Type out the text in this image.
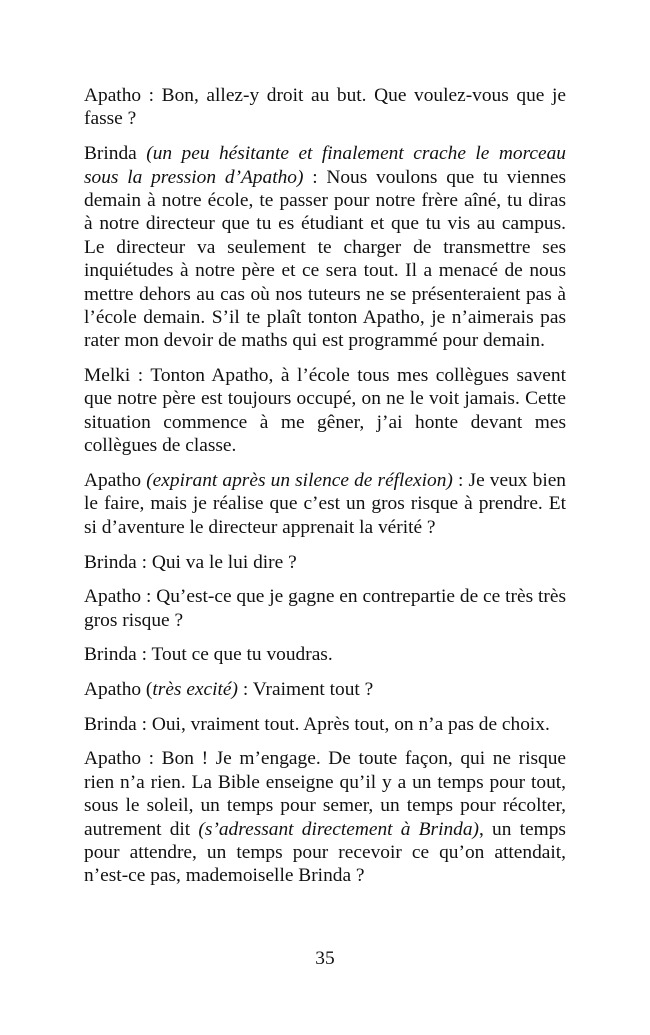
Apatho : Bon, allez-y droit au but. Que voulez-vous que je fasse ?

Brinda (un peu hésitante et finalement crache le morceau sous la pression d’Apatho) : Nous voulons que tu viennes demain à notre école, te passer pour notre frère aîné, tu diras à notre directeur que tu es étudiant et que tu vis au campus. Le directeur va seulement te charger de transmettre ses inquiétudes à notre père et ce sera tout. Il a menacé de nous mettre dehors au cas où nos tuteurs ne se présenteraient pas à l’école demain. S’il te plaît tonton Apatho, je n’aimerais pas rater mon devoir de maths qui est programmé pour demain.

Melki : Tonton Apatho, à l’école tous mes collègues savent que notre père est toujours occupé, on ne le voit jamais. Cette situation commence à me gêner, j’ai honte devant mes collègues de classe.

Apatho (expirant après un silence de réflexion) : Je veux bien le faire, mais je réalise que c’est un gros risque à prendre. Et si d’aventure le directeur apprenait la vérité ?

Brinda : Qui va le lui dire ?

Apatho : Qu’est-ce que je gagne en contrepartie de ce très très gros risque ?

Brinda : Tout ce que tu voudras.

Apatho (très excité) : Vraiment tout ?

Brinda : Oui, vraiment tout. Après tout, on n’a pas de choix.

Apatho : Bon ! Je m’engage. De toute façon, qui ne risque rien n’a rien. La Bible enseigne qu’il y a un temps pour tout, sous le soleil, un temps pour semer, un temps pour récolter, autrement dit (s’adressant directement à Brinda), un temps pour attendre, un temps pour recevoir ce qu’on attendait, n’est-ce pas, mademoiselle Brinda ?

35
